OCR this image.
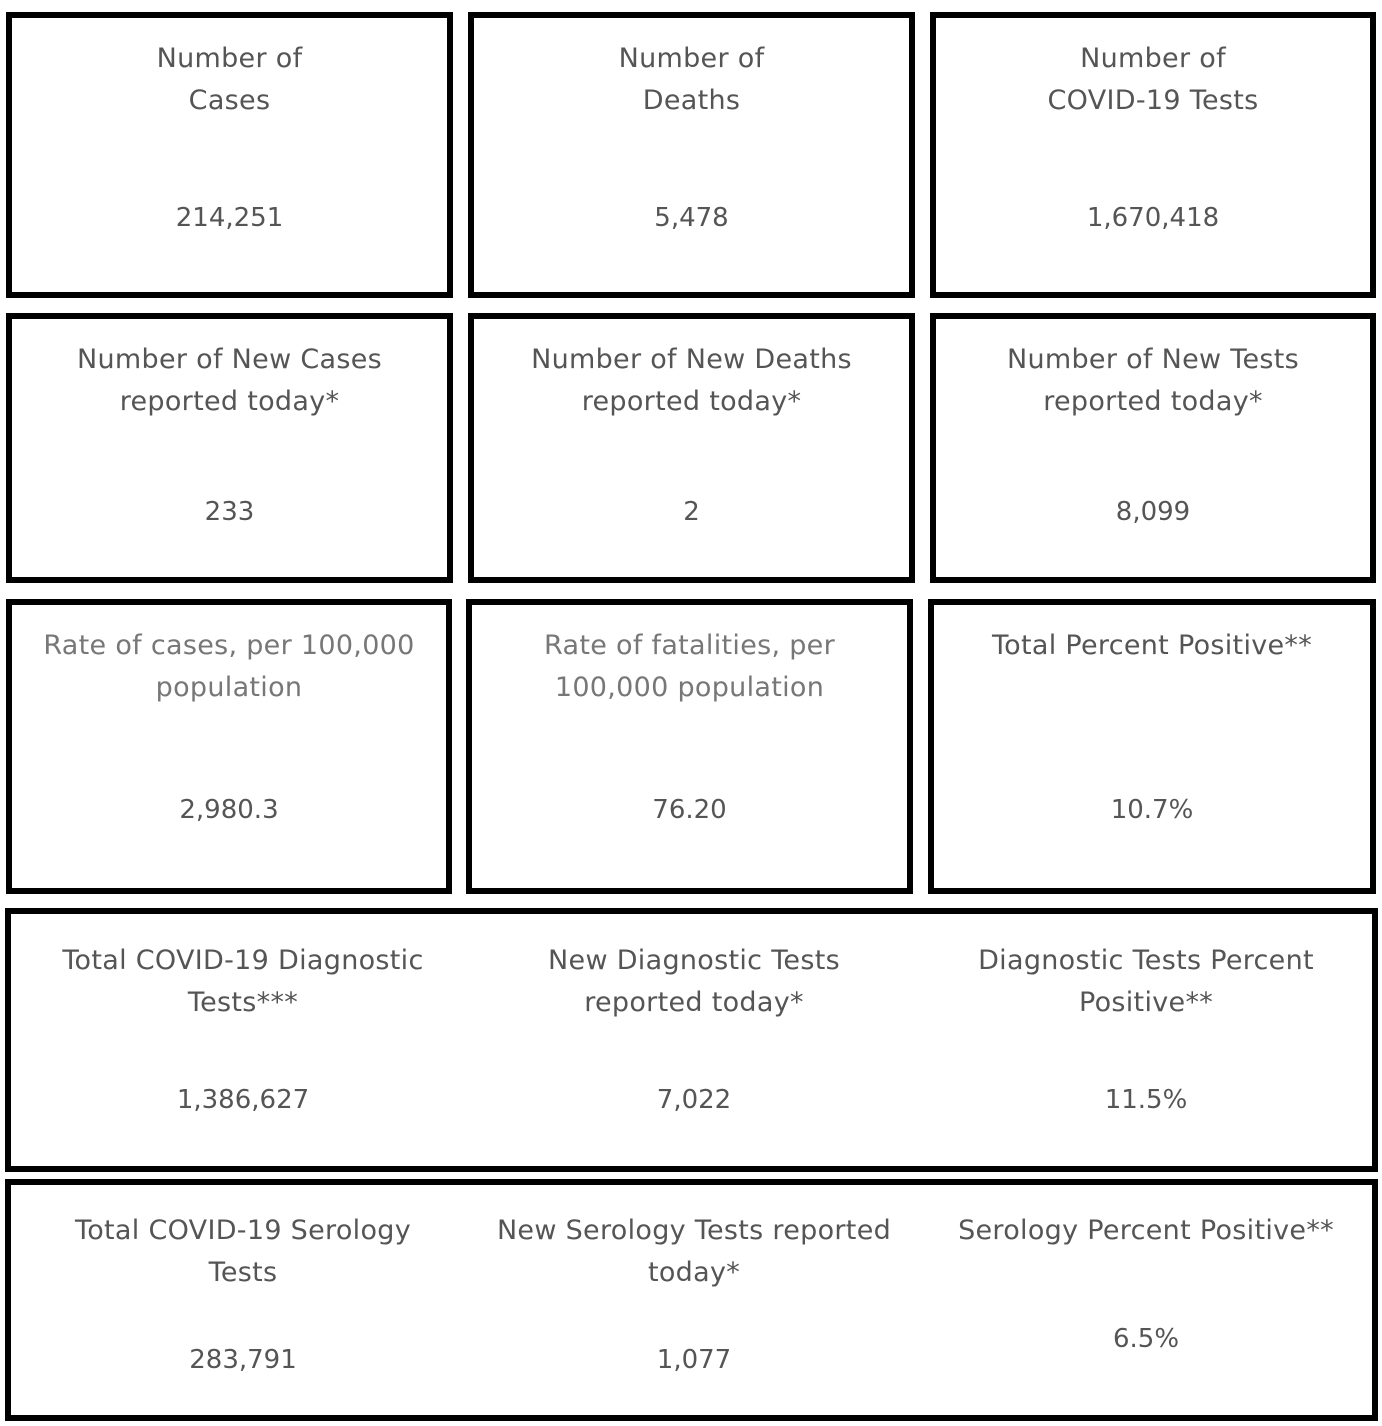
Number of
Cases
214,251
Number of
Deaths
5,478
Number of
COVID-19 Tests
1,670,418
Number of New Cases
reported today*
233
Number of New Deaths
reported today*
2
Number of New Tests
reported today*
8,099
Rate of cases, per 100,000
population
2,980.3
Rate of fatalities, per
100,000 population
76.20
Total Percent Positive**
10.7%
Total COVID-19 Diagnostic
Tests***
1,386,627
New Diagnostic Tests
reported today*
7,022
Diagnostic Tests Percent
Positive**
11.5%
Total COVID-19 Serology
Tests
283,791
New Serology Tests reported
today*
1,077
Serology Percent Positive**
6.5%
